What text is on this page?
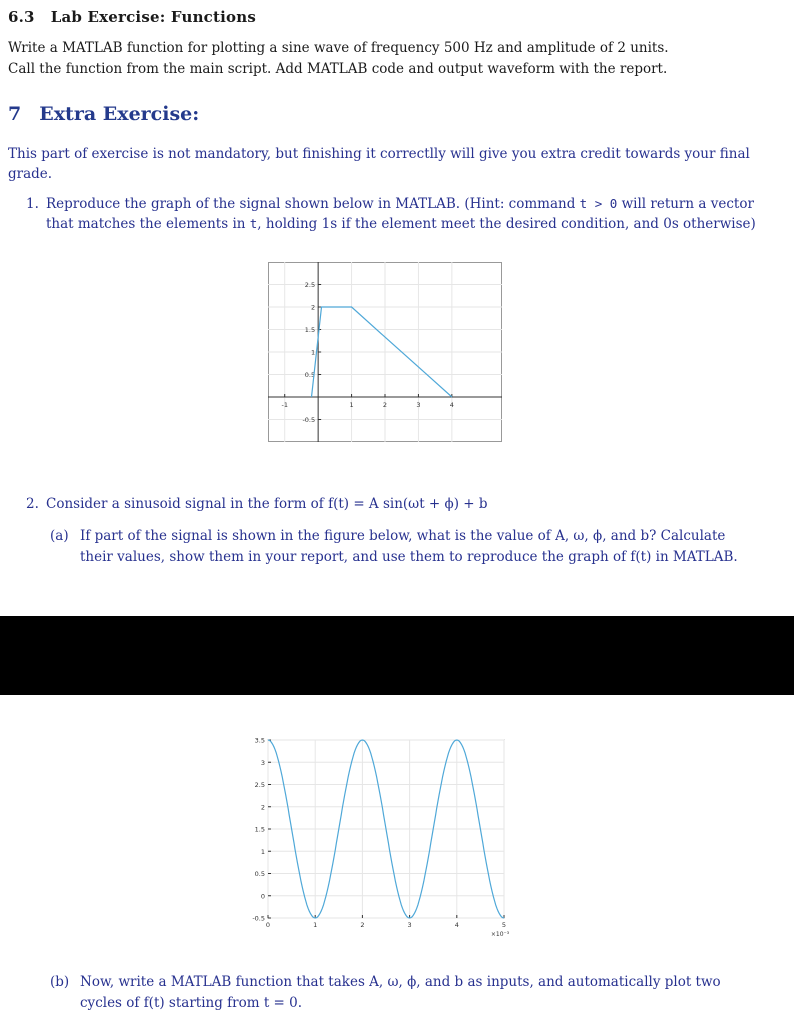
6.3 Lab Exercise: Functions
Write a MATLAB function for plotting a sine wave of frequency 500 Hz and amplitude of 2 units.
Call the function from the main script. Add MATLAB code and output waveform with the report.
7 Extra Exercise:
This part of exercise is not mandatory, but finishing it correctlly will give you extra credit towards your final grade.
1. Reproduce the graph of the signal shown below in MATLAB. (Hint: command t > 0 will return a vector that matches the elements in t, holding 1s if the element meet the desired condition, and 0s otherwise)
-1	1	2	3	4
2.5
2
1.5
1
0.5
-0.5
2. Consider a sinusoid signal in the form of f(t) = A sin(ωt + ϕ) + b
(a) If part of the signal is shown in the figure below, what is the value of A, ω, ϕ, and b? Calculate their values, show them in your report, and use them to reproduce the graph of f(t) in MATLAB.
0	1	2	3	4	5
×10⁻³
3.5
3
2.5
2
1.5
1
0.5
0
-0.5
(b) Now, write a MATLAB function that takes A, ω, ϕ, and b as inputs, and automatically plot two cycles of f(t) starting from t = 0.
